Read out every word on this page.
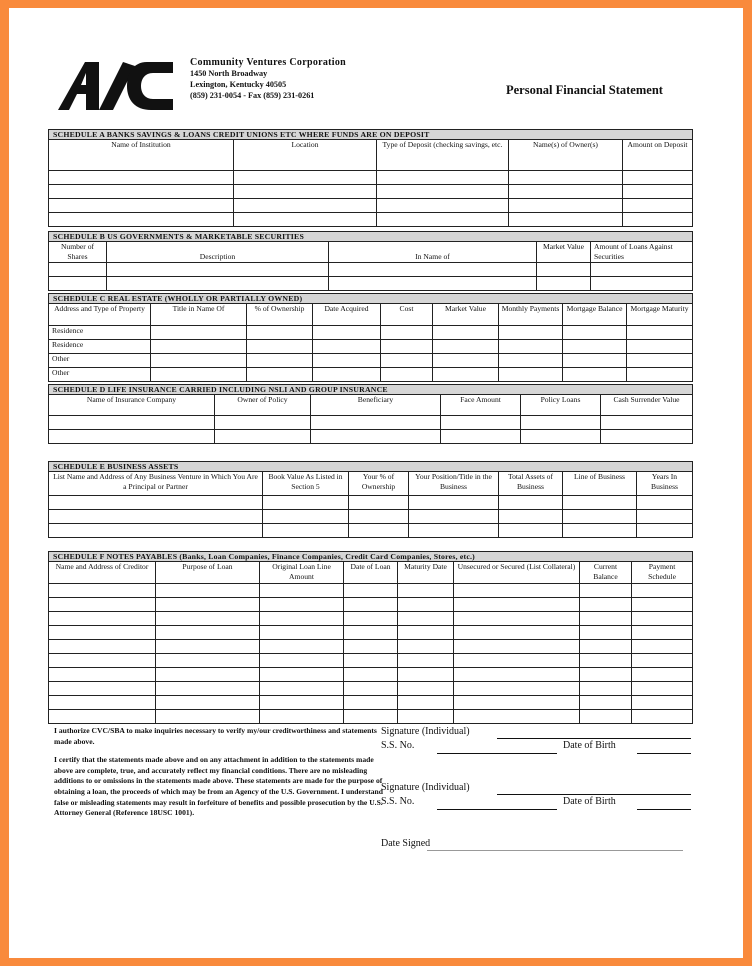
Community Ventures Corporation
1450 North Broadway
Lexington, Kentucky 40505
(859) 231-0054 - Fax (859) 231-0261	Personal Financial Statement
SCHEDULE A BANKS SAVINGS & LOANS CREDIT UNIONS ETC WHERE FUNDS ARE ON DEPOSIT				
Name of Institution	Location	Type of Deposit (checking savings, etc.	Name(s) of Owner(s)	Amount on Deposit

SCHEDULE B US GOVERNMENTS & MARKETABLE SECURITIES				
Number of Shares	Description	In Name of	Market Value	Amount of Loans Against Securities

SCHEDULE C REAL ESTATE (WHOLLY OR PARTIALLY OWNED)								
Address and Type of Property	Title in Name Of	% of Ownership	Date Acquired	Cost	Market Value	Monthly Payments	Mortgage Balance	Mortgage Maturity
Residence								
Residence								
Other								
Other								
SCHEDULE D LIFE INSURANCE CARRIED INCLUDING NSLI AND GROUP INSURANCE					
Name of Insurance Company	Owner of Policy	Beneficiary	Face Amount	Policy Loans	Cash Surrender Value

SCHEDULE E BUSINESS ASSETS						
List Name and Address of Any Business Venture in Which You Are a Principal or Partner	Book Value As Listed in Section 5	Your % of Ownership	Your Position/Title in the Business	Total Assets of Business	Line of Business	Years In Business

SCHEDULE F NOTES PAYABLES (Banks, Loan Companies, Finance Companies, Credit Card Companies, Stores, etc.)							
Name and Address of Creditor	Purpose of Loan	Original Loan Line Amount	Date of Loan	Maturity Date	Unsecured or Secured (List Collateral)	Current Balance	Payment Schedule

I authorize CVC/SBA to make inquiries necessary to verify my/our creditworthiness and statements made above.

I certify that the statements made above and on any attachment in addition to the statements made above are complete, true, and accurately reflect my financial conditions. There are no misleading additions to or omissions in the statements made above. These statements are made for the purpose of obtaining a loan, the proceeds of which may be from an Agency of the U.S. Government. I understand false or misleading statements may result in forfeiture of benefits and possible prosecution by the U.S. Attorney General (Reference 18USC 1001).

Signature (Individual)
S.S. No.	Date of Birth
Signature (Individual)
S.S. No.	Date of Birth
Date Signed
